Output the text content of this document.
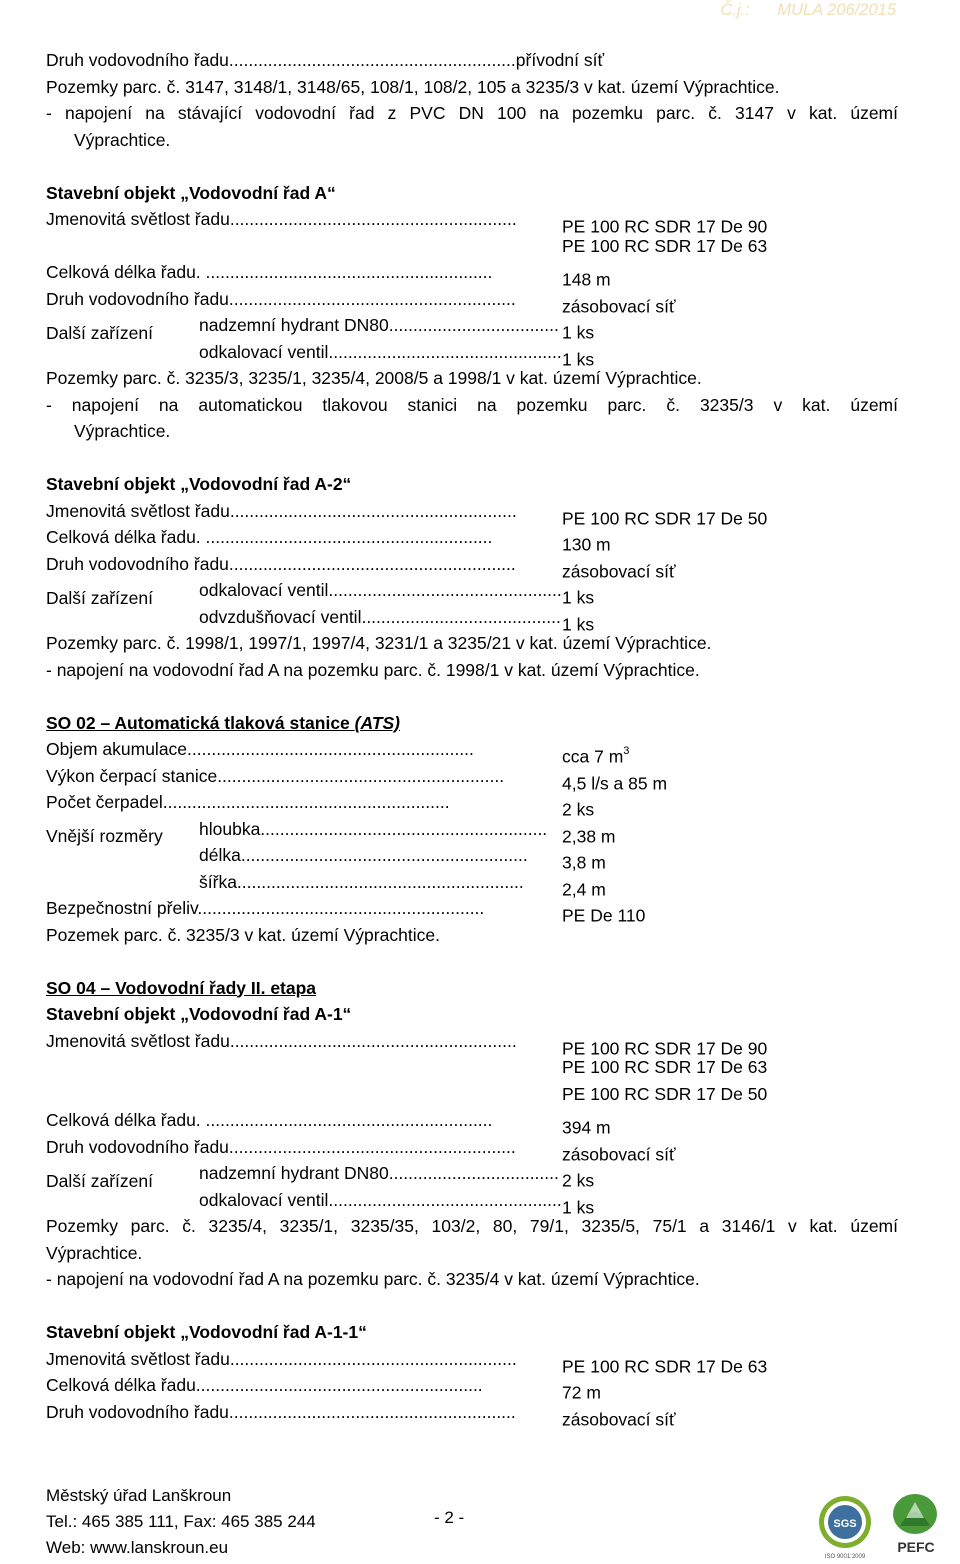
Č.j.: MULA 206/2015
Druh vodovodního řadu...........................................................přívodní síť
Pozemky parc. č. 3147, 3148/1, 3148/65, 108/1, 108/2, 105 a 3235/3 v kat. území Výprachtice.
- napojení na stávající vodovodní řad z PVC DN 100 na pozemku parc. č. 3147 v kat. území
Výprachtice.
Stavební objekt „Vodovodní řad A“
Jmenovitá světlost řadu...........................................................	PE 100 RC SDR 17 De 90
PE 100 RC SDR 17 De 63
Celková délka řadu. ...........................................................	148 m
Druh vodovodního řadu...........................................................	zásobovací síť
Další zařízení	nadzemní hydrant DN80................................... 1 ks
odkalovací ventil................................................1 ks
Pozemky parc. č. 3235/3, 3235/1, 3235/4, 2008/5 a 1998/1 v kat. území Výprachtice.
- napojení na automatickou tlakovou stanici na pozemku parc. č. 3235/3 v kat. území
Výprachtice.
Stavební objekt „Vodovodní řad A-2“
Jmenovitá světlost řadu...........................................................	PE 100 RC SDR 17 De 50
Celková délka řadu. ...........................................................	130 m
Druh vodovodního řadu...........................................................	zásobovací síť
Další zařízení	odkalovací ventil................................................1 ks
odvzdušňovací ventil.........................................1 ks
Pozemky parc. č. 1998/1, 1997/1, 1997/4, 3231/1 a 3235/21 v kat. území Výprachtice.
- napojení na vodovodní řad A na pozemku parc. č. 1998/1 v kat. území Výprachtice.
SO 02 – Automatická tlaková stanice (ATS)
Objem akumulace...........................................................	cca 7 $m^3$
Výkon čerpací stanice...........................................................	4,5 l/s a 85 m
Počet čerpadel...........................................................	2 ks
Vnější rozměry hloubka........................................................... 2,38 m
délka........................................................... 3,8 m
šířka........................................................... 2,4 m
Bezpečnostní přeliv...........................................................	PE De 110
Pozemek parc. č. 3235/3 v kat. území Výprachtice.
SO 04 – Vodovodní řady II. etapa
Stavební objekt „Vodovodní řad A-1“
Jmenovitá světlost řadu...........................................................	PE 100 RC SDR 17 De 90
PE 100 RC SDR 17 De 63
PE 100 RC SDR 17 De 50
Celková délka řadu. ...........................................................	394 m
Druh vodovodního řadu...........................................................	zásobovací síť
Další zařízení	nadzemní hydrant DN80................................... 2 ks
odkalovací ventil................................................1 ks
Pozemky parc. č. 3235/4, 3235/1, 3235/35, 103/2, 80, 79/1, 3235/5, 75/1 a 3146/1 v kat. území
Výprachtice.
- napojení na vodovodní řad A na pozemku parc. č. 3235/4 v kat. území Výprachtice.
Stavební objekt „Vodovodní řad A-1-1“
Jmenovitá světlost řadu...........................................................	PE 100 RC SDR 17 De 63
Celková délka řadu...........................................................	72 m
Druh vodovodního řadu...........................................................	zásobovací síť
Městský úřad Lanškroun
Tel.: 465 385 111, Fax: 465 385 244
Web: www.lanskroun.eu
- 2 -	SGS
ISO 9001:2009
PEFC
